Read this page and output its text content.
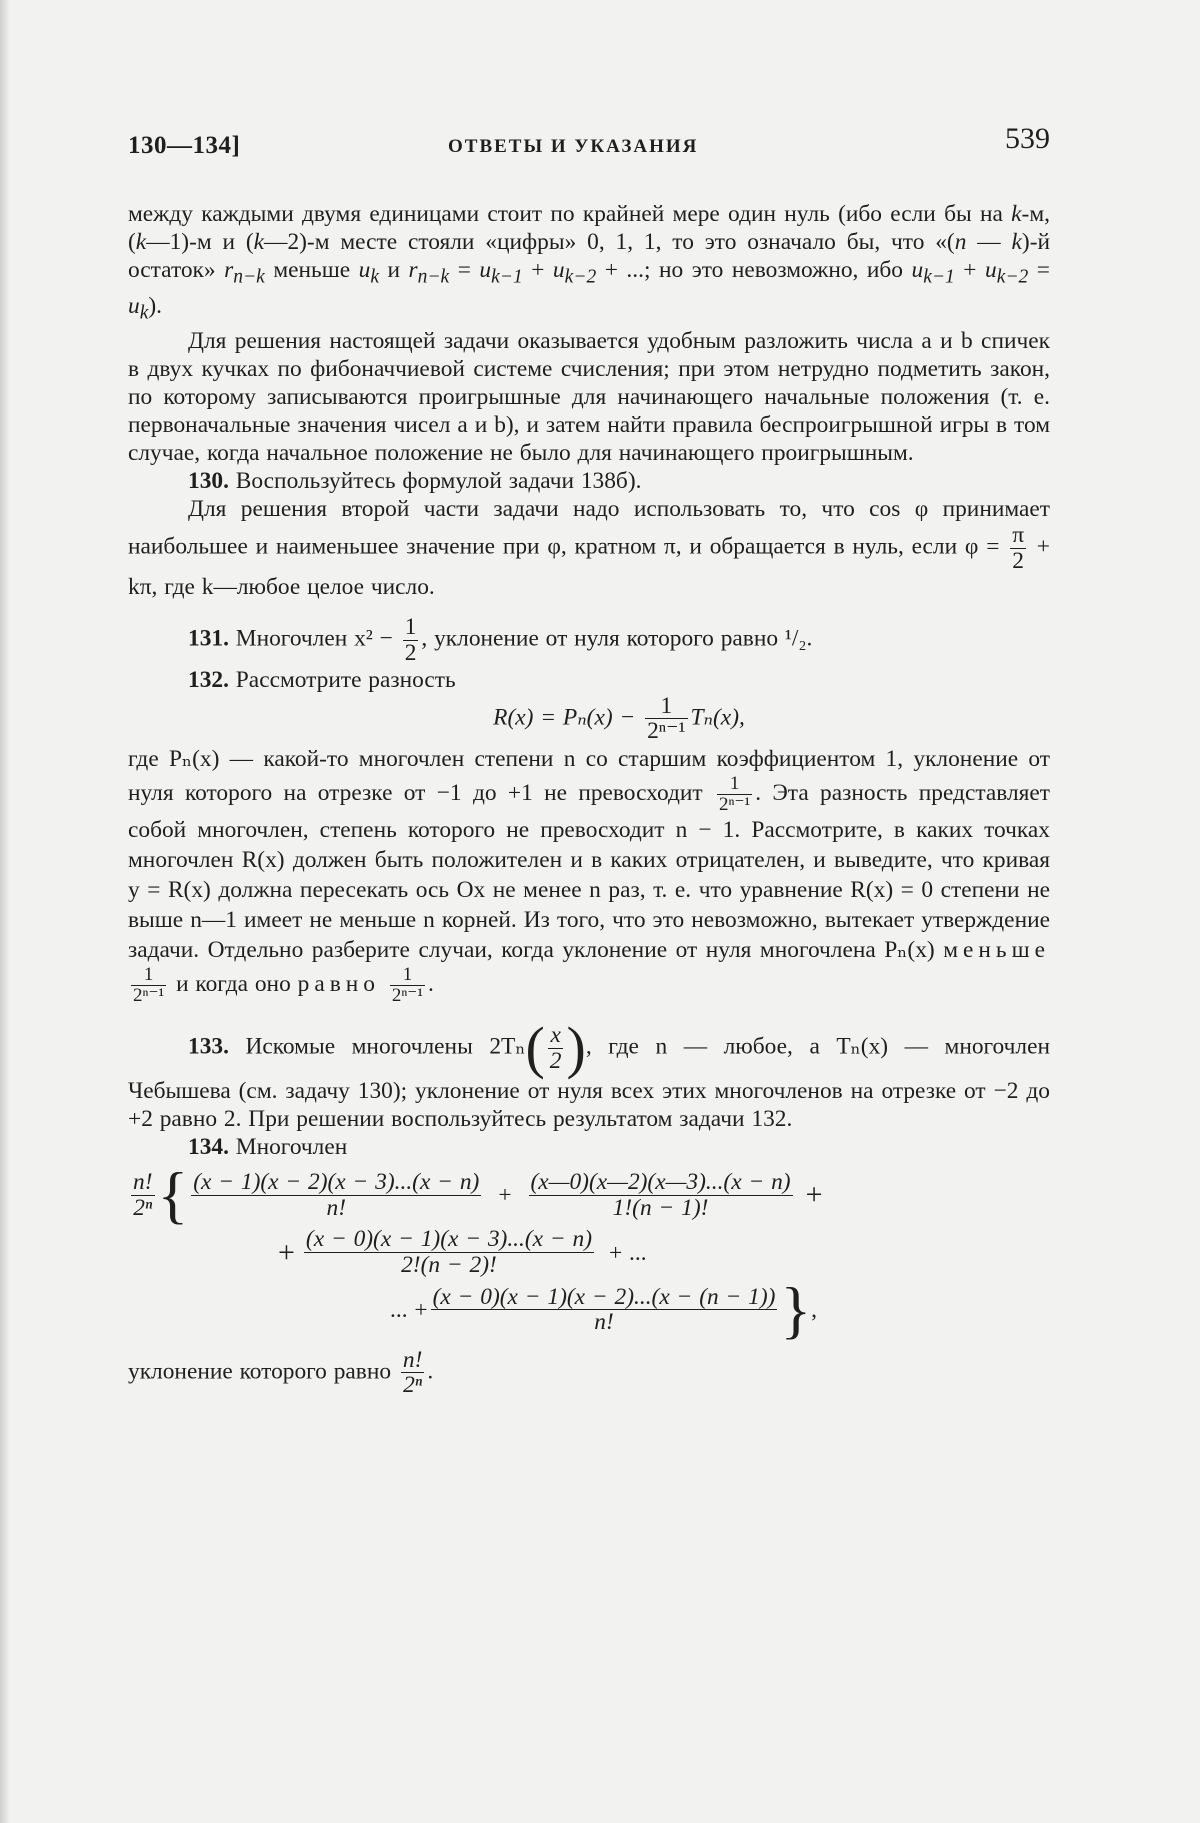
130—134]	ОТВЕТЫ И УКАЗАНИЯ	539

между каждыми двумя единицами стоит по крайней мере один нуль (ибо если бы на k-м, (k—1)-м и (k—2)-м месте стояли «цифры» 0, 1, 1, то это означало бы, что «(n — k)-й остаток» $r_{n-k}$ меньше $u_k$ и $r_{n-k} = u_{k-1} + u_{k-2}$ + ...; но это невозможно, ибо $u_{k-1} + u_{k-2} = u_k$).

Для решения настоящей задачи оказывается удобным разложить числа a и b спичек в двух кучках по фибоначчиевой системе счисления; при этом нетрудно подметить закон, по которому записываются проигрышные для начинающего начальные положения (т. е. первоначальные значения чисел a и b), и затем найти правила беспроигрышной игры в том случае, когда начальное положение не было для начинающего проигрышным.

130. Воспользуйтесь формулой задачи 138б).

Для решения второй части задачи надо использовать то, что cos φ принимает наибольшее и наименьшее значение при φ, кратном π, и обращается в нуль, если $\varphi = \frac{\pi}{2} + k\pi$, где k—любое целое число.

131. Многочлен $x^2 - \frac{1}{2}$ , уклонение от нуля которого равно ¹/₂.

132. Рассмотрите разность

$R(x) = P_n(x) - \frac{1}{\text{2ⁿ⁻¹}} T_n(x)$,

где Pₙ(x) — какой-то многочлен степени n со старшим коэффициентом 1, уклонение от нуля которого на отрезке от −1 до +1 не превосходит $\frac{1}{\text{2ⁿ⁻¹}}$ . Эта разность представляет собой многочлен, степень которого не превосходит n − 1. Рассмотрите, в каких точках многочлен R(x) должен быть положителен и в каких отрицателен, и выведите, что кривая y = R(x) должна пересекать ось Ox не менее n раз, т. е. что уравнение R(x) = 0 степени не выше n—1 имеет не меньше n корней. Из того, что это невозможно, вытекает утверждение задачи. Отдельно разберите случаи, когда уклонение от нуля многочлена Pₙ(x) меньше
$\frac{1}{\text{2ⁿ⁻¹}}$ и когда оно равно $\frac{1}{\text{2ⁿ⁻¹}}$ .

133. Искомые многочлены $2T_n( \frac{x}{2}$ ), где n — любое, а Tₙ(x) — многочлен Чебышева (см. задачу 130); уклонение от нуля всех этих многочленов на отрезке от −2 до +2 равно 2. При решении воспользуйтесь результатом задачи 132.

134. Многочлен

$\frac{n!}{\text{2ⁿ}}$ { $\frac{(x - 1)(x - 2)(x - 3)...(x - n)}{n!} + \frac{(x—0)(x—2)(x—3)...(x - n)}{1!(n - 1)!}$ +
+ $\frac{(x - 0)(x - 1)(x - 3)...(x - n)}{2!(n - 2)!}$ + ...
... + $\frac{(x - 0)(x - 1)(x - 2)...(x - (n - 1))}{n!}$ } ,

уклонение которого равно $\frac{n!}{\text{2ⁿ}}$ .
